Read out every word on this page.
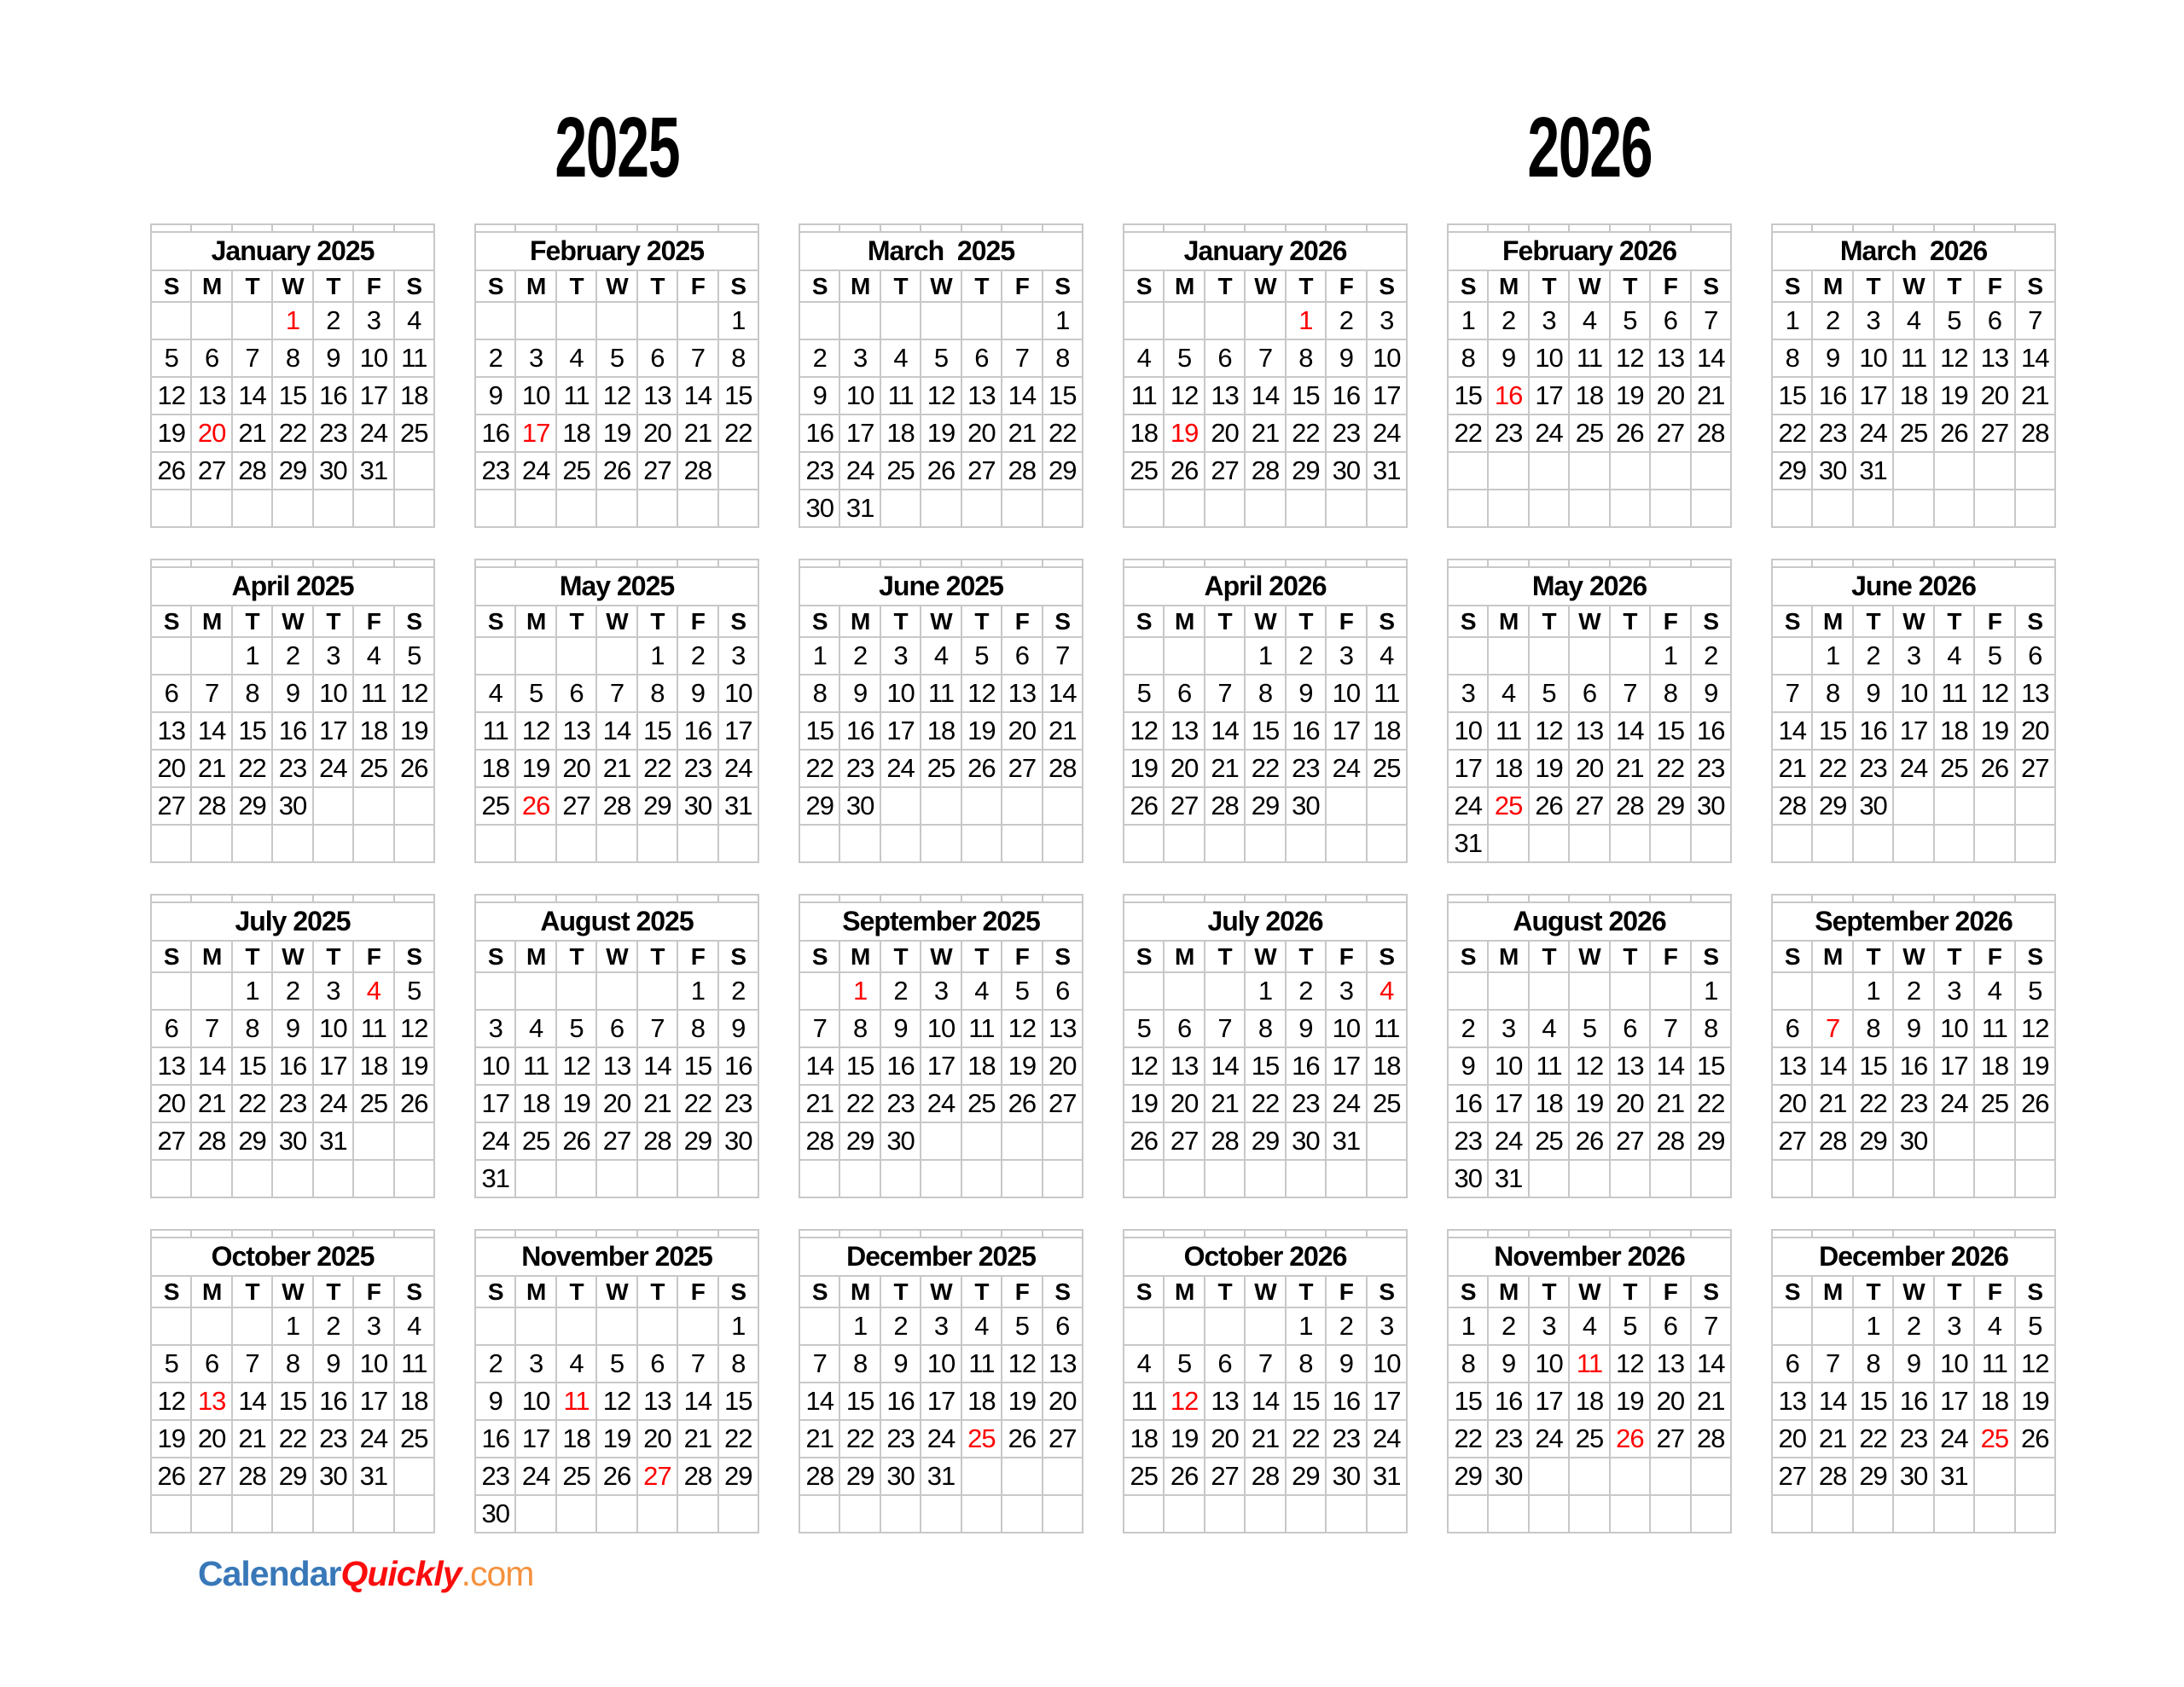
2025	2026

January 2025						
S	M	T	W	T	F	S
			1	2	3	4
5	6	7	8	9	10	11
12	13	14	15	16	17	18
19	20	21	22	23	24	25
26	27	28	29	30	31	

February 2025						
S	M	T	W	T	F	S
						1
2	3	4	5	6	7	8
9	10	11	12	13	14	15
16	17	18	19	20	21	22
23	24	25	26	27	28	

March  2025						
S	M	T	W	T	F	S
						1
2	3	4	5	6	7	8
9	10	11	12	13	14	15
16	17	18	19	20	21	22
23	24	25	26	27	28	29
30	31					

January 2026						
S	M	T	W	T	F	S
				1	2	3
4	5	6	7	8	9	10
11	12	13	14	15	16	17
18	19	20	21	22	23	24
25	26	27	28	29	30	31

February 2026						
S	M	T	W	T	F	S
1	2	3	4	5	6	7
8	9	10	11	12	13	14
15	16	17	18	19	20	21
22	23	24	25	26	27	28

March  2026						
S	M	T	W	T	F	S
1	2	3	4	5	6	7
8	9	10	11	12	13	14
15	16	17	18	19	20	21
22	23	24	25	26	27	28
29	30	31				

April 2025						
S	M	T	W	T	F	S
		1	2	3	4	5
6	7	8	9	10	11	12
13	14	15	16	17	18	19
20	21	22	23	24	25	26
27	28	29	30			

May 2025						
S	M	T	W	T	F	S
				1	2	3
4	5	6	7	8	9	10
11	12	13	14	15	16	17
18	19	20	21	22	23	24
25	26	27	28	29	30	31

June 2025						
S	M	T	W	T	F	S
1	2	3	4	5	6	7
8	9	10	11	12	13	14
15	16	17	18	19	20	21
22	23	24	25	26	27	28
29	30					

April 2026						
S	M	T	W	T	F	S
			1	2	3	4
5	6	7	8	9	10	11
12	13	14	15	16	17	18
19	20	21	22	23	24	25
26	27	28	29	30		

May 2026						
S	M	T	W	T	F	S
					1	2
3	4	5	6	7	8	9
10	11	12	13	14	15	16
17	18	19	20	21	22	23
24	25	26	27	28	29	30
31						

June 2026						
S	M	T	W	T	F	S
	1	2	3	4	5	6
7	8	9	10	11	12	13
14	15	16	17	18	19	20
21	22	23	24	25	26	27
28	29	30				

July 2025						
S	M	T	W	T	F	S
		1	2	3	4	5
6	7	8	9	10	11	12
13	14	15	16	17	18	19
20	21	22	23	24	25	26
27	28	29	30	31		

August 2025						
S	M	T	W	T	F	S
					1	2
3	4	5	6	7	8	9
10	11	12	13	14	15	16
17	18	19	20	21	22	23
24	25	26	27	28	29	30
31						

September 2025						
S	M	T	W	T	F	S
	1	2	3	4	5	6
7	8	9	10	11	12	13
14	15	16	17	18	19	20
21	22	23	24	25	26	27
28	29	30				

July 2026						
S	M	T	W	T	F	S
			1	2	3	4
5	6	7	8	9	10	11
12	13	14	15	16	17	18
19	20	21	22	23	24	25
26	27	28	29	30	31	

August 2026						
S	M	T	W	T	F	S
						1
2	3	4	5	6	7	8
9	10	11	12	13	14	15
16	17	18	19	20	21	22
23	24	25	26	27	28	29
30	31					

September 2026						
S	M	T	W	T	F	S
		1	2	3	4	5
6	7	8	9	10	11	12
13	14	15	16	17	18	19
20	21	22	23	24	25	26
27	28	29	30			

October 2025						
S	M	T	W	T	F	S
			1	2	3	4
5	6	7	8	9	10	11
12	13	14	15	16	17	18
19	20	21	22	23	24	25
26	27	28	29	30	31	

November 2025						
S	M	T	W	T	F	S
						1
2	3	4	5	6	7	8
9	10	11	12	13	14	15
16	17	18	19	20	21	22
23	24	25	26	27	28	29
30						

December 2025						
S	M	T	W	T	F	S
	1	2	3	4	5	6
7	8	9	10	11	12	13
14	15	16	17	18	19	20
21	22	23	24	25	26	27
28	29	30	31			

October 2026						
S	M	T	W	T	F	S
				1	2	3
4	5	6	7	8	9	10
11	12	13	14	15	16	17
18	19	20	21	22	23	24
25	26	27	28	29	30	31

November 2026						
S	M	T	W	T	F	S
1	2	3	4	5	6	7
8	9	10	11	12	13	14
15	16	17	18	19	20	21
22	23	24	25	26	27	28
29	30					

December 2026						
S	M	T	W	T	F	S
		1	2	3	4	5
6	7	8	9	10	11	12
13	14	15	16	17	18	19
20	21	22	23	24	25	26
27	28	29	30	31		

CalendarQuickly.com
